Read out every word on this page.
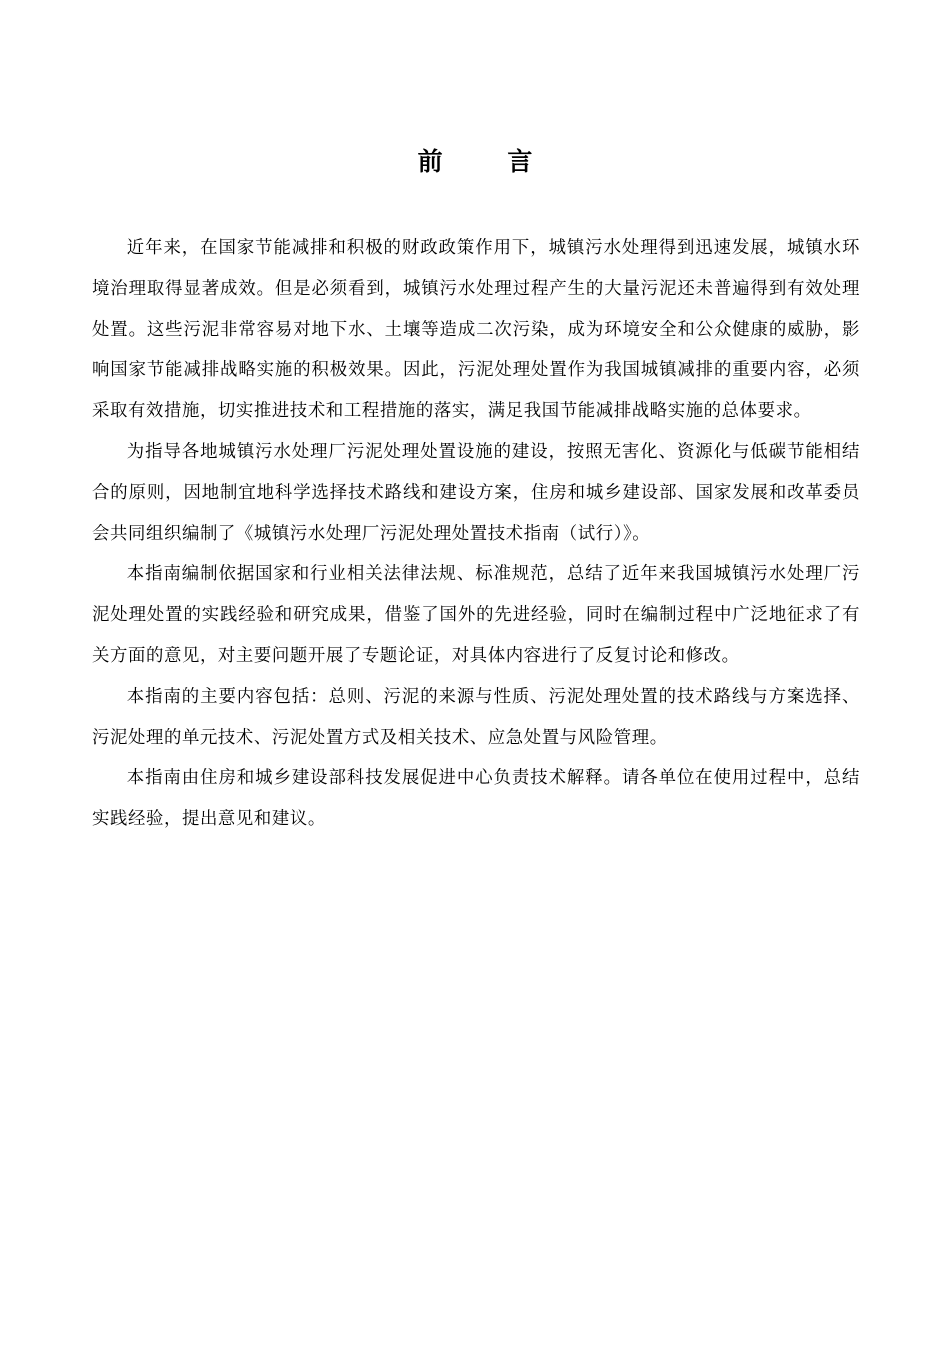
前 言

近年来，在国家节能减排和积极的财政政策作用下，城镇污水处理得到迅速发展，城镇水环境治理取得显著成效。但是必须看到，城镇污水处理过程产生的大量污泥还未普遍得到有效处理处置。这些污泥非常容易对地下水、土壤等造成二次污染，成为环境安全和公众健康的威胁，影响国家节能减排战略实施的积极效果。因此，污泥处理处置作为我国城镇减排的重要内容，必须采取有效措施，切实推进技术和工程措施的落实，满足我国节能减排战略实施的总体要求。

为指导各地城镇污水处理厂污泥处理处置设施的建设，按照无害化、资源化与低碳节能相结合的原则，因地制宜地科学选择技术路线和建设方案，住房和城乡建设部、国家发展和改革委员会共同组织编制了《城镇污水处理厂污泥处理处置技术指南（试行）》。

本指南编制依据国家和行业相关法律法规、标准规范，总结了近年来我国城镇污水处理厂污泥处理处置的实践经验和研究成果，借鉴了国外的先进经验，同时在编制过程中广泛地征求了有关方面的意见，对主要问题开展了专题论证，对具体内容进行了反复讨论和修改。

本指南的主要内容包括：总则、污泥的来源与性质、污泥处理处置的技术路线与方案选择、污泥处理的单元技术、污泥处置方式及相关技术、应急处置与风险管理。

本指南由住房和城乡建设部科技发展促进中心负责技术解释。请各单位在使用过程中，总结实践经验，提出意见和建议。
